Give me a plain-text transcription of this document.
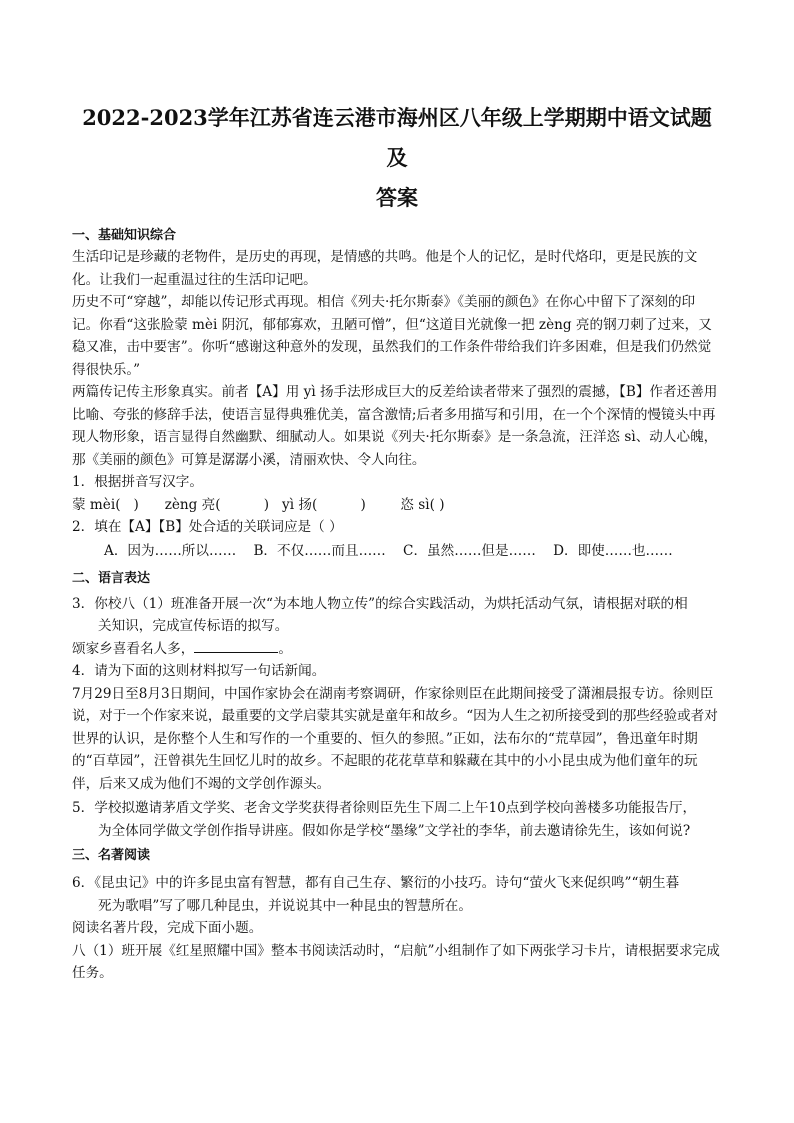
2022-2023学年江苏省连云港市海州区八年级上学期期中语文试题及
答案
一、基础知识综合

生活印记是珍藏的老物件，是历史的再现，是情感的共鸣。他是个人的记忆，是时代烙印，更是民族的文化。让我们一起重温过往的生活印记吧。

历史不可“穿越”，却能以传记形式再现。相信《列夫·托尔斯泰》《美丽的颜色》在你心中留下了深刻的印记。你看“这张脸蒙 mèi 阴沉，郁郁寡欢，丑陋可憎”，但“这道目光就像一把 zèng 亮的钢刀刺了过来，又稳又准，击中要害”。你听“感谢这种意外的发现，虽然我们的工作条件带给我们许多困难，但是我们仍然觉得很快乐。”

两篇传记传主形象真实。前者【A】用 yì 扬手法形成巨大的反差给读者带来了强烈的震撼，【B】作者还善用比喻、夸张的修辞手法，使语言显得典雅优美，富含激情;后者多用描写和引用，在一个个深情的慢镜头中再现人物形象，语言显得自然幽默、细腻动人。如果说《列夫·托尔斯泰》是一条急流，汪洋恣 sì、动人心魄，那《美丽的颜色》可算是潺潺小溪，清丽欢快、令人向往。

1．根据拼音写汉字。

蒙 mèi(   )      zèng 亮(          )   yì 扬(          )        恣 sì( )

2．填在【A】【B】处合适的关联词应是（ ）

A．因为……所以……    B．不仅……而且……    C．虽然……但是……    D．即使……也……
二、语言表达

3．你校八（1）班准备开展一次“为本地人物立传”的综合实践活动，为烘托活动气氛，请根据对联的相

关知识，完成宣传标语的拟写。

颂家乡喜看名人多，	。

4．请为下面的这则材料拟写一句话新闻。

7月29日至8月3日期间，中国作家协会在湖南考察调研，作家徐则臣在此期间接受了潇湘晨报专访。徐则臣说，对于一个作家来说，最重要的文学启蒙其实就是童年和故乡。“因为人生之初所接受到的那些经验或者对世界的认识，是你整个人生和写作的一个重要的、恒久的参照。”正如，法布尔的“荒草园”，鲁迅童年时期的“百草园”，汪曾祺先生回忆儿时的故乡。不起眼的花花草草和躲藏在其中的小小昆虫成为他们童年的玩伴，后来又成为他们不竭的文学创作源头。

5．学校拟邀请茅盾文学奖、老舍文学奖获得者徐则臣先生下周二上午10点到学校向善楼多功能报告厅，

为全体同学做文学创作指导讲座。假如你是学校“墨缘”文学社的李华，前去邀请徐先生，该如何说?

三、名著阅读

6．《昆虫记》中的许多昆虫富有智慧，都有自己生存、繁衍的小技巧。诗句“萤火飞来促织鸣”“朝生暮

死为歌唱”写了哪几种昆虫，并说说其中一种昆虫的智慧所在。

阅读名著片段，完成下面小题。

八（1）班开展《红星照耀中国》整本书阅读活动时，“启航”小组制作了如下两张学习卡片，请根据要求完成任务。
